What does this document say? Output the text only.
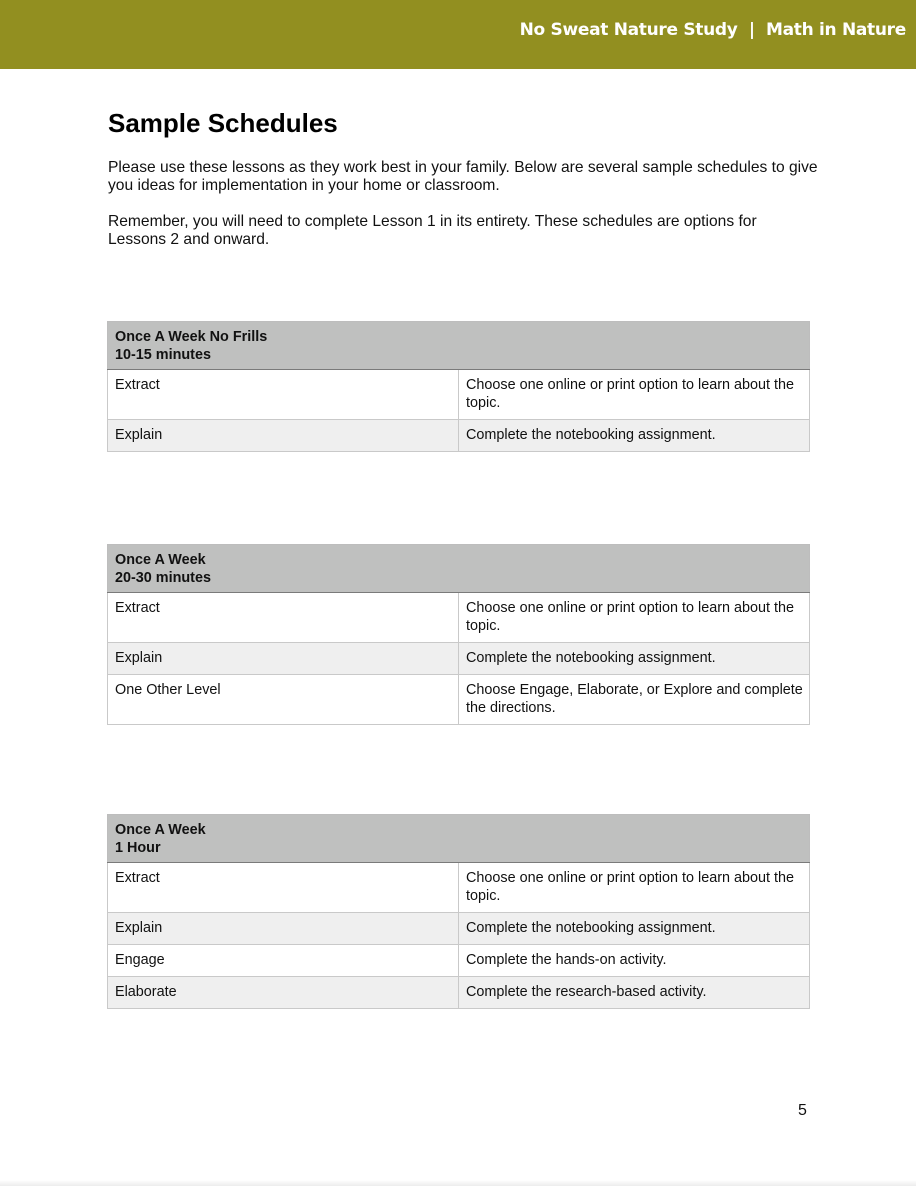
No Sweat Nature Study  |  Math in Nature
Sample Schedules

Please use these lessons as they work best in your family. Below are several sample schedules to give you ideas for implementation in your home or classroom.

Remember, you will need to complete Lesson 1 in its entirety. These schedules are options for Lessons 2 and onward.

Once A Week No Frills
10-15 minutes	

Extract	Choose one online or print option to learn about the topic.
Explain	Complete the notebooking assignment.
Once A Week
20-30 minutes	

Extract	Choose one online or print option to learn about the topic.
Explain	Complete the notebooking assignment.
One Other Level	Choose Engage, Elaborate, or Explore and complete the directions.
Once A Week
1 Hour	

Extract	Choose one online or print option to learn about the topic.
Explain	Complete the notebooking assignment.
Engage	Complete the hands-on activity.
Elaborate	Complete the research-based activity.
5
